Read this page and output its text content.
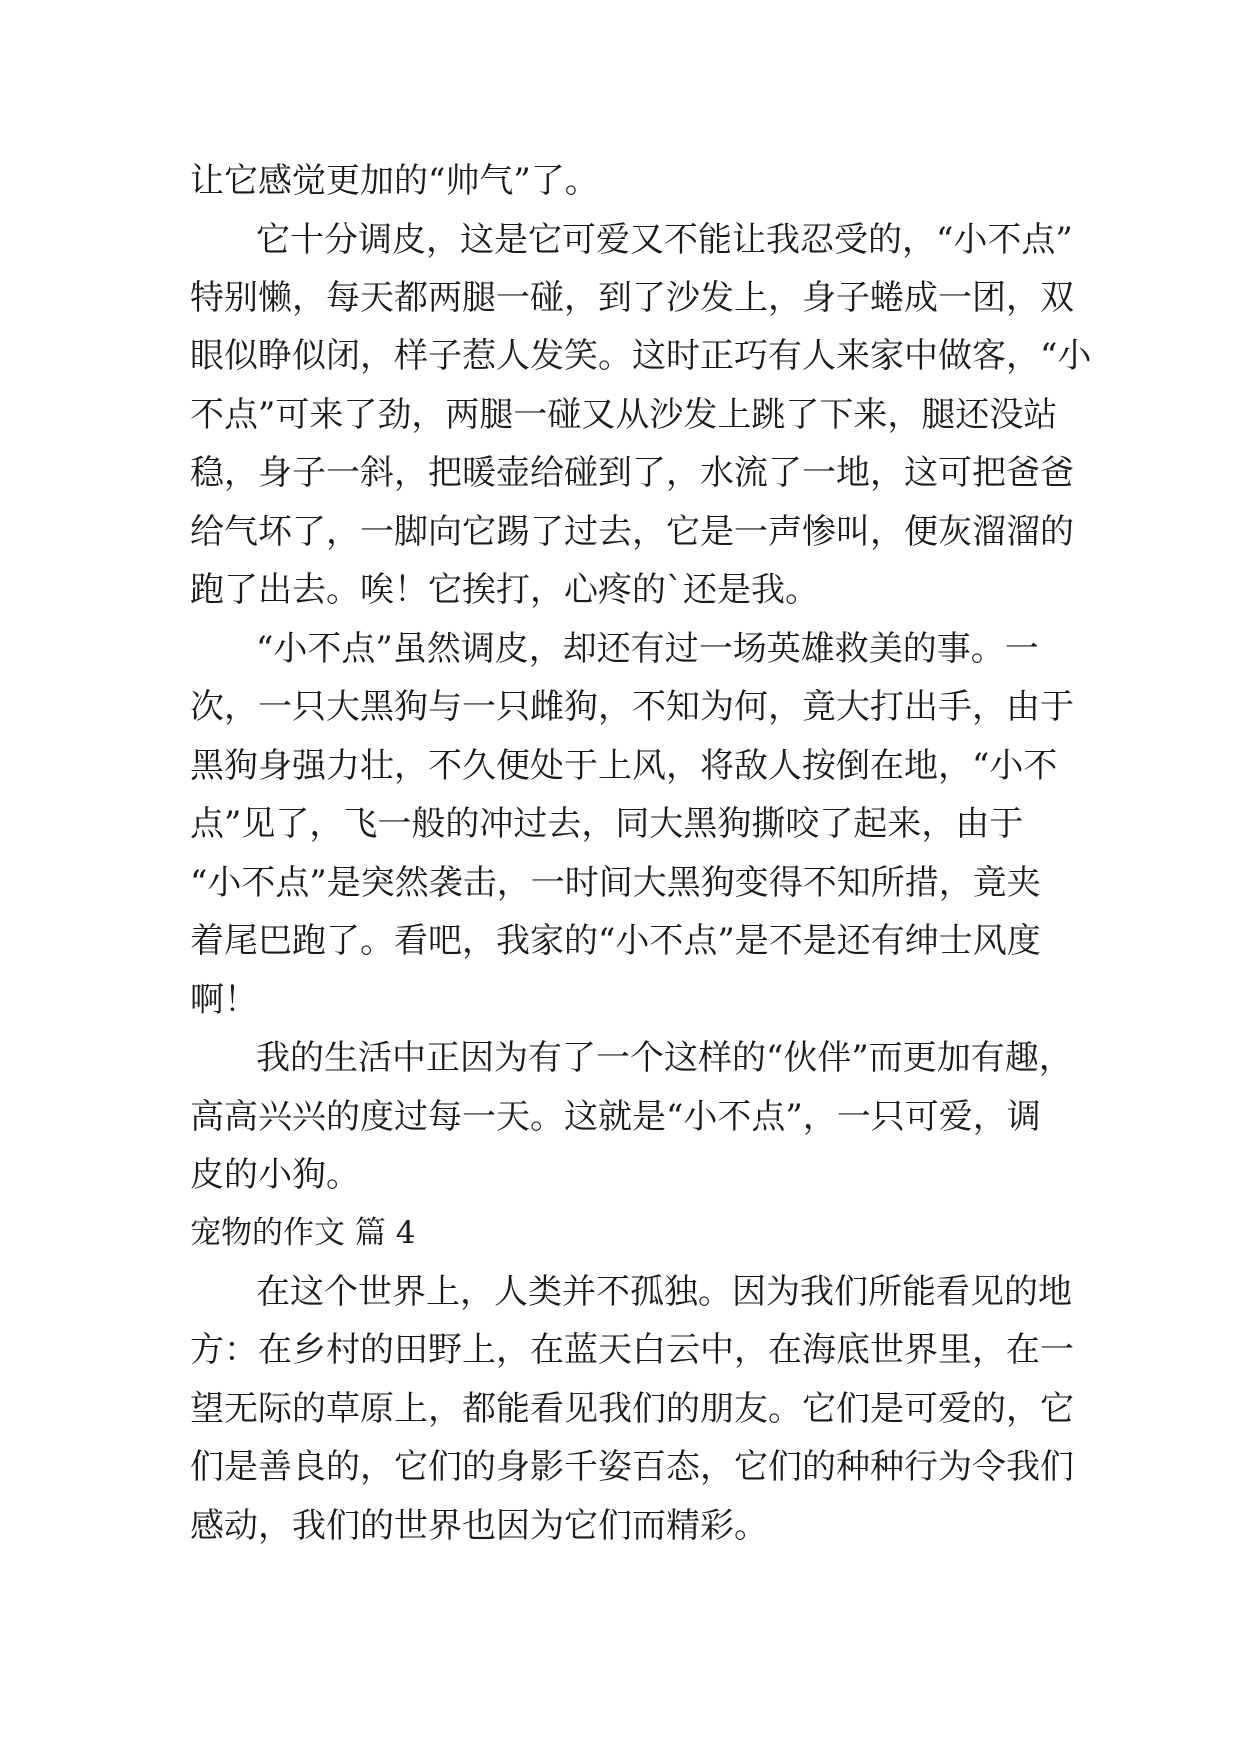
让它感觉更加的“帅气”了。
它十分调皮，这是它可爱又不能让我忍受的，“小不点”
特别懒，每天都两腿一碰，到了沙发上，身子蜷成一团，双
眼似睁似闭，样子惹人发笑。这时正巧有人来家中做客，“小
不点”可来了劲，两腿一碰又从沙发上跳了下来，腿还没站
稳，身子一斜，把暖壶给碰到了，水流了一地，这可把爸爸
给气坏了，一脚向它踢了过去，它是一声惨叫，便灰溜溜的
跑了出去。唉！它挨打，心疼的`还是我。
“小不点”虽然调皮，却还有过一场英雄救美的事。一
次，一只大黑狗与一只雌狗，不知为何，竟大打出手，由于
黑狗身强力壮，不久便处于上风，将敌人按倒在地，“小不
点”见了，飞一般的冲过去，同大黑狗撕咬了起来，由于
“小不点”是突然袭击，一时间大黑狗变得不知所措，竟夹
着尾巴跑了。看吧，我家的“小不点”是不是还有绅士风度
啊！
我的生活中正因为有了一个这样的“伙伴”而更加有趣，
高高兴兴的度过每一天。这就是“小不点”，一只可爱，调
皮的小狗。
宠物的作文 篇 4
在这个世界上，人类并不孤独。因为我们所能看见的地
方：在乡村的田野上，在蓝天白云中，在海底世界里，在一
望无际的草原上，都能看见我们的朋友。它们是可爱的，它
们是善良的，它们的身影千姿百态，它们的种种行为令我们
感动，我们的世界也因为它们而精彩。
